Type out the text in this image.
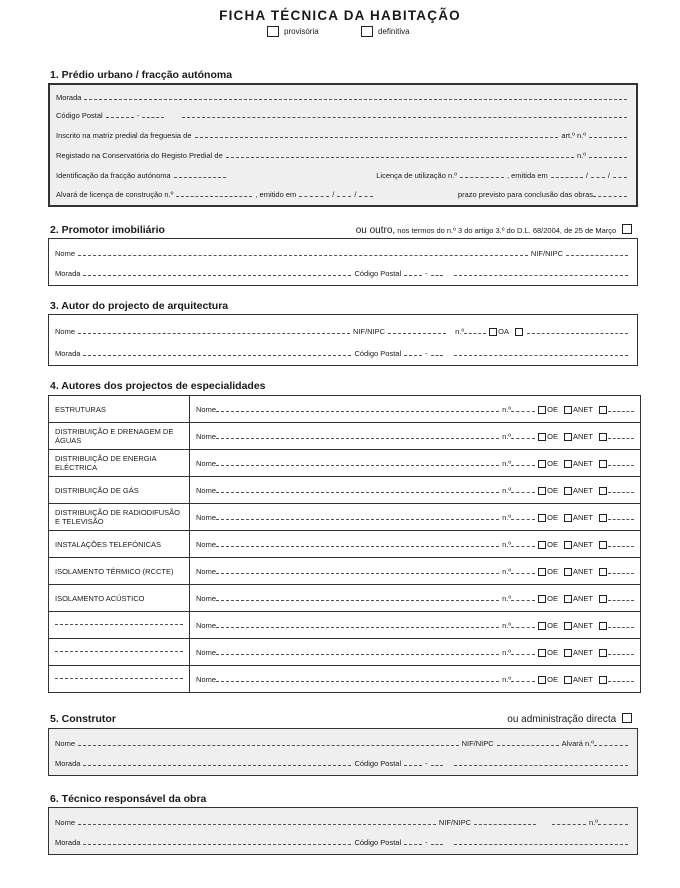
FICHA TÉCNICA DA HABITAÇÃO
provisória	definitiva
1. Prédio urbano / fracção autónoma
Morada
Código Postal	-
Inscrito na matriz predial da freguesia de	art.º n.º
Registado na Conservatória do Registo Predial de	n.º
Identificação da fracção autónoma	Licença de utilização n.º	, emitida em	/	/
Alvará de licença de construção n.º	, emitido em	/	/	prazo previsto para conclusão das obras
2. Promotor imobiliário	ou outro, nos termos do n.º 3 do artigo 3.º do D.L. 68/2004, de 25 de Março
Nome	NIF/NIPC
Morada	Código Postal	-
3. Autor do projecto de arquitectura
Nome	NIF/NIPC	n.º	OA
Morada	Código Postal	-
4. Autores dos projectos de especialidades
ESTRUTURAS	Nome n.º OE ANET

DISTRIBUIÇÃO E DRENAGEM DE ÁGUAS	Nome n.º OE ANET

DISTRIBUIÇÃO DE ENERGIA ELÉCTRICA	Nome n.º OE ANET

DISTRIBUIÇÃO DE GÁS	Nome n.º OE ANET

DISTRIBUIÇÃO DE RADIODIFUSÃO E TELEVISÃO	Nome n.º OE ANET

INSTALAÇÕES TELEFÓNICAS	Nome n.º OE ANET

ISOLAMENTO TÉRMICO (RCCTE)	Nome n.º OE ANET

ISOLAMENTO ACÚSTICO	Nome n.º OE ANET

	Nome n.º OE ANET

	Nome n.º OE ANET

	Nome n.º OE ANET
5. Construtor	ou administração directa
Nome	NIF/NIPC	Alvará n.º
Morada	Código Postal	-
6. Técnico responsável da obra
Nome	NIF/NIPC	n.º
Morada	Código Postal	-
